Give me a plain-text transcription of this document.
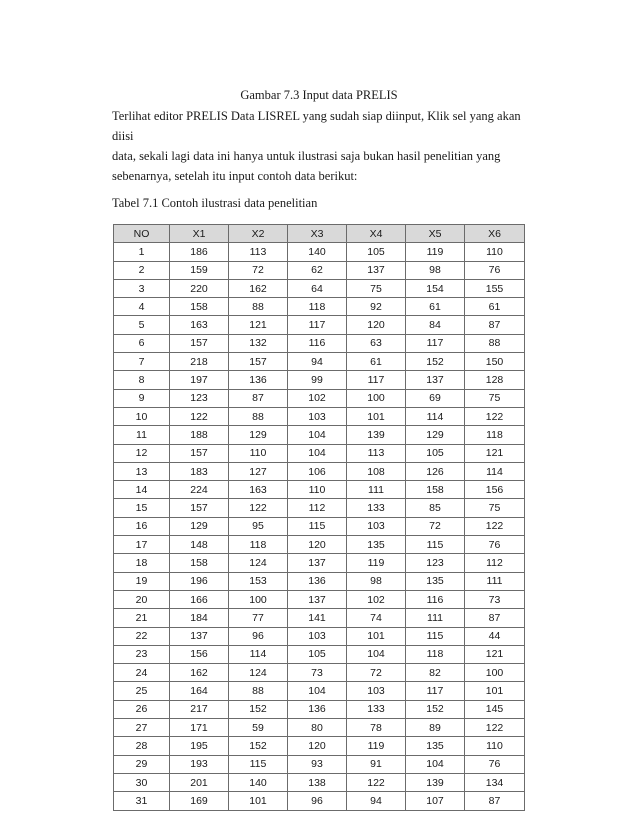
Gambar 7.3 Input data PRELIS
Terlihat editor PRELIS Data LISREL yang sudah siap diinput, Klik sel yang akan diisi
data, sekali lagi data ini hanya untuk ilustrasi saja bukan hasil penelitian yang
sebenarnya, setelah itu input contoh data berikut:
Tabel 7.1 Contoh ilustrasi data penelitian
NO	X1	X2	X3	X4	X5	X6
1	186	113	140	105	119	110
2	159	72	62	137	98	76
3	220	162	64	75	154	155
4	158	88	118	92	61	61
5	163	121	117	120	84	87
6	157	132	116	63	117	88
7	218	157	94	61	152	150
8	197	136	99	117	137	128
9	123	87	102	100	69	75
10	122	88	103	101	114	122
11	188	129	104	139	129	118
12	157	110	104	113	105	121
13	183	127	106	108	126	114
14	224	163	110	111	158	156
15	157	122	112	133	85	75
16	129	95	115	103	72	122
17	148	118	120	135	115	76
18	158	124	137	119	123	112
19	196	153	136	98	135	111
20	166	100	137	102	116	73
21	184	77	141	74	111	87
22	137	96	103	101	115	44
23	156	114	105	104	118	121
24	162	124	73	72	82	100
25	164	88	104	103	117	101
26	217	152	136	133	152	145
27	171	59	80	78	89	122
28	195	152	120	119	135	110
29	193	115	93	91	104	76
30	201	140	138	122	139	134
31	169	101	96	94	107	87
